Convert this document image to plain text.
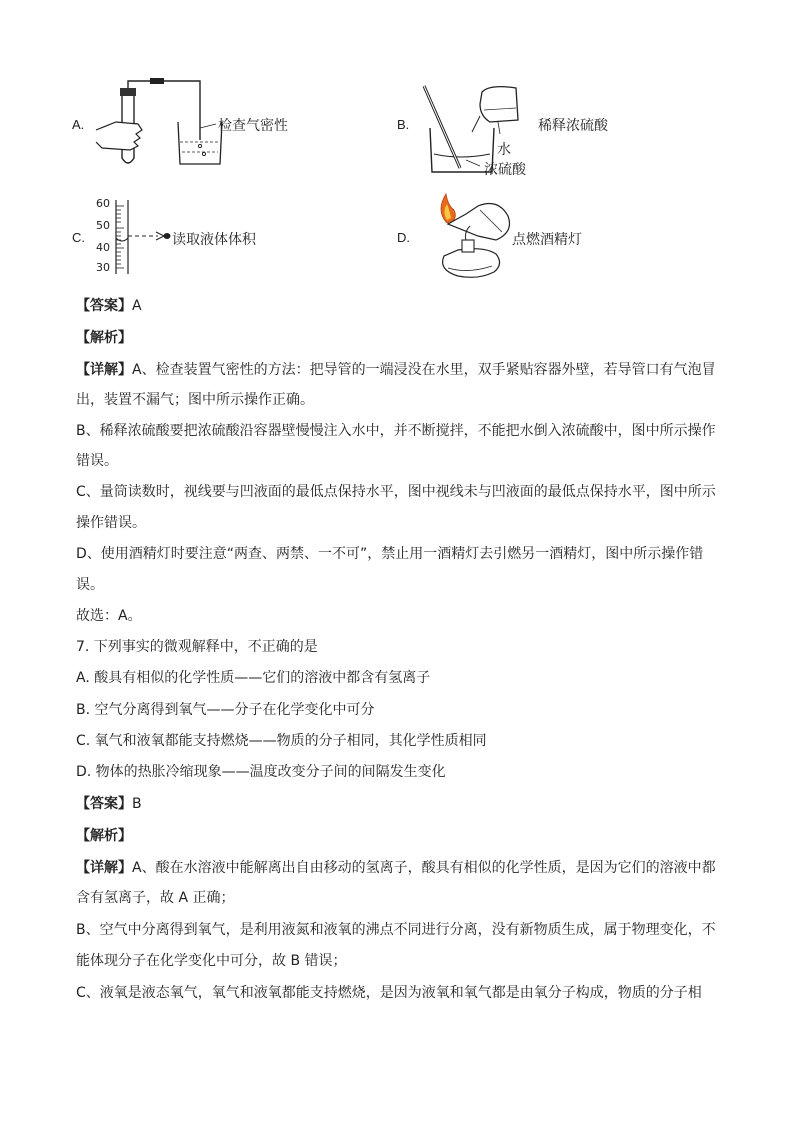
A.	检查气密性	B.	稀释浓硫酸
水
浓硫酸
C.
60
50
40
30
读取液体体积	D.	点燃酒精灯
【答案】A
【解析】
【详解】A、检查装置气密性的方法：把导管的一端浸没在水里，双手紧贴容器外壁，若导管口有气泡冒
出，装置不漏气；图中所示操作正确。
B、稀释浓硫酸要把浓硫酸沿容器壁慢慢注入水中，并不断搅拌，不能把水倒入浓硫酸中，图中所示操作
错误。
C、量筒读数时，视线要与凹液面的最低点保持水平，图中视线未与凹液面的最低点保持水平，图中所示
操作错误。
D、使用酒精灯时要注意“两查、两禁、一不可”，禁止用一酒精灯去引燃另一酒精灯，图中所示操作错
误。
故选：A。
7. 下列事实的微观解释中，不正确的是
A. 酸具有相似的化学性质——它们的溶液中都含有氢离子
B. 空气分离得到氧气——分子在化学变化中可分
C. 氧气和液氧都能支持燃烧——物质的分子相同，其化学性质相同
D. 物体的热胀冷缩现象——温度改变分子间的间隔发生变化
【答案】B
【解析】
【详解】A、酸在水溶液中能解离出自由移动的氢离子，酸具有相似的化学性质，是因为它们的溶液中都
含有氢离子，故 A 正确；
B、空气中分离得到氧气，是利用液氮和液氧的沸点不同进行分离，没有新物质生成，属于物理变化，不
能体现分子在化学变化中可分，故 B 错误；
C、液氧是液态氧气，氧气和液氧都能支持燃烧，是因为液氧和氧气都是由氧分子构成，物质的分子相
